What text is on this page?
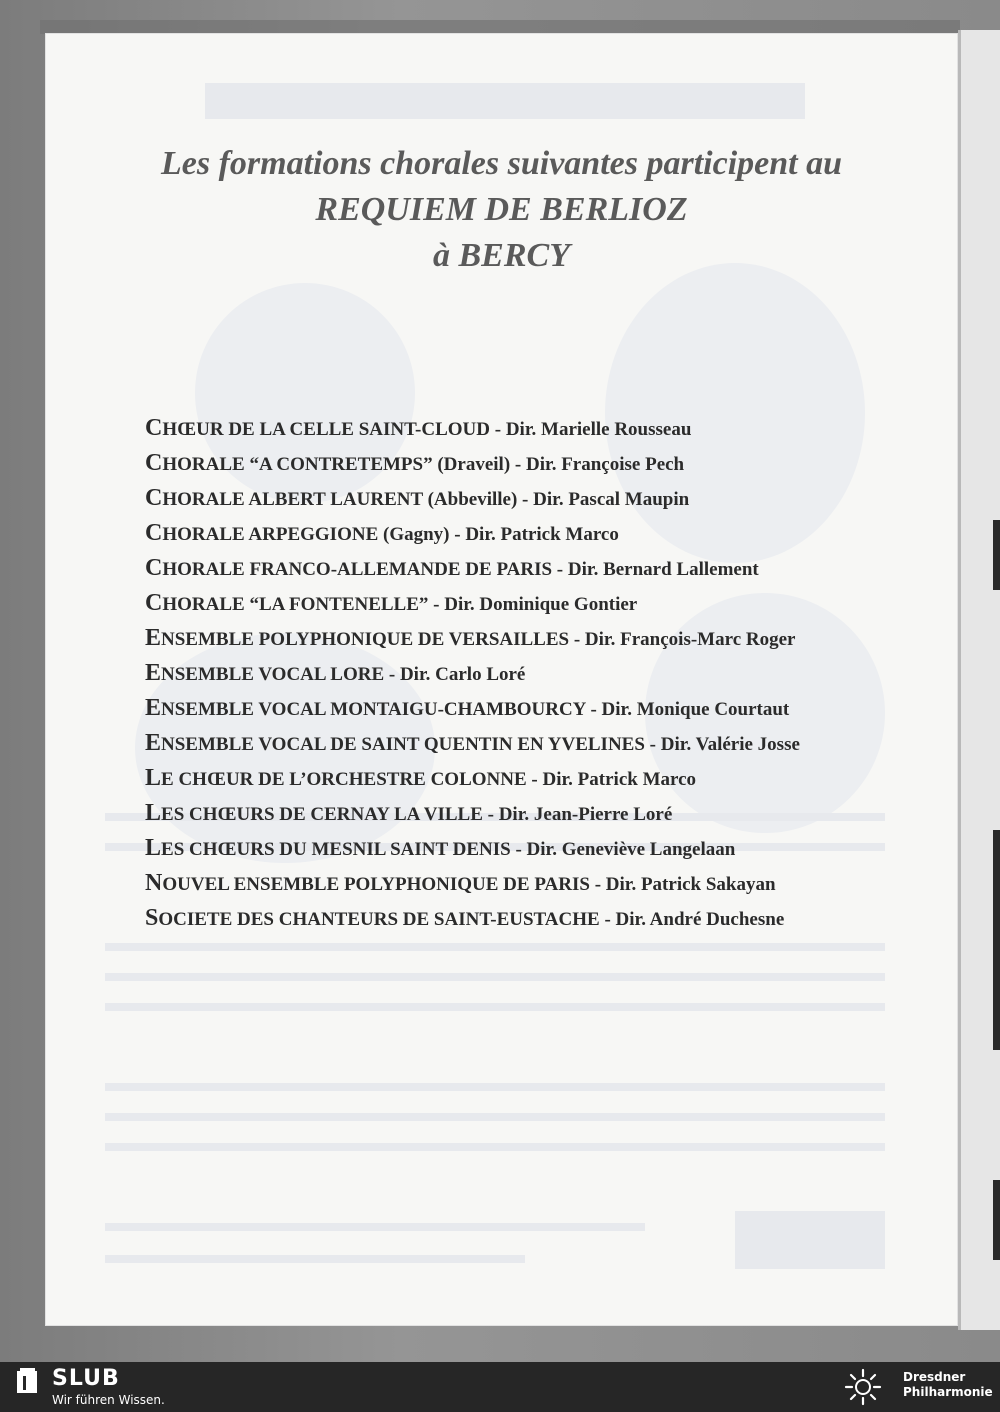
Les formations chorales suivantes participent au
REQUIEM DE BERLIOZ
à BERCY
CHŒUR DE LA CELLE SAINT-CLOUD - Dir. Marielle Rousseau
CHORALE “A CONTRETEMPS” (Draveil) - Dir. Françoise Pech
CHORALE ALBERT LAURENT (Abbeville) - Dir. Pascal Maupin
CHORALE ARPEGGIONE (Gagny) - Dir. Patrick Marco
CHORALE FRANCO-ALLEMANDE DE PARIS - Dir. Bernard Lallement
CHORALE “LA FONTENELLE” - Dir. Dominique Gontier
ENSEMBLE POLYPHONIQUE DE VERSAILLES - Dir. François-Marc Roger
ENSEMBLE VOCAL LORE - Dir. Carlo Loré
ENSEMBLE VOCAL MONTAIGU-CHAMBOURCY - Dir. Monique Courtaut
ENSEMBLE VOCAL DE SAINT QUENTIN EN YVELINES - Dir. Valérie Josse
LE CHŒUR DE L’ORCHESTRE COLONNE - Dir. Patrick Marco
LES CHŒURS DE CERNAY LA VILLE - Dir. Jean-Pierre Loré
LES CHŒURS DU MESNIL SAINT DENIS - Dir. Geneviève Langelaan
NOUVEL ENSEMBLE POLYPHONIQUE DE PARIS - Dir. Patrick Sakayan
SOCIETE DES CHANTEURS DE SAINT-EUSTACHE - Dir. André Duchesne
SLUB
Wir führen Wissen.
Dresdner
Philharmonie
